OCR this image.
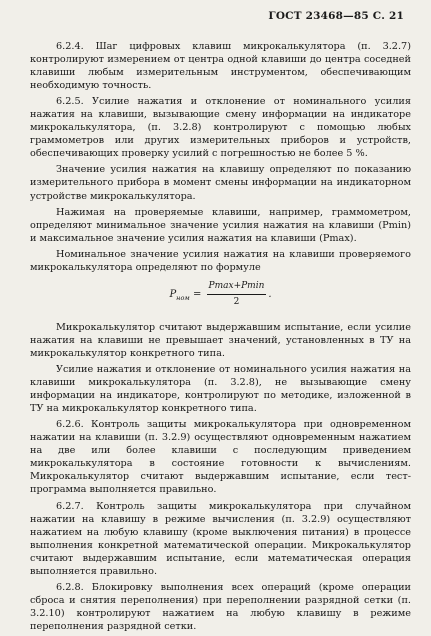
ГОСТ 23468—85 С. 21

6.2.4. Шаг цифровых клавиш микрокалькулятора (п. 3.2.7) контролируют измерением от центра одной клавиши до центра соседней клавиши любым измерительным инструментом, обеспечивающим необходимую точность.

6.2.5. Усилие нажатия и отклонение от номинального усилия нажатия на клавиши, вызывающие смену информации на индикаторе микрокалькулятора, (п. 3.2.8) контролируют с помощью любых граммометров или других измерительных приборов и устройств, обеспечивающих проверку усилий с погрешностью не более 5 %.

Значение усилия нажатия на клавишу определяют по показанию измерительного прибора в момент смены информации на индикаторном устройстве микрокалькулятора.

Нажимая на проверяемые клавиши, например, граммометром, определяют минимальное значение усилия нажатия на клавиши (Pmin) и максимальное значение усилия нажатия на клавиши (Pmax).

Номинальное значение усилия нажатия на клавиши проверяемого микрокалькулятора определяют по формуле

$P_{ном} = \frac{Pmax+Pmin}{2}$ .

Микрокалькулятор считают выдержавшим испытание, если усилие нажатия на клавиши не превышает значений, установленных в ТУ на микрокалькулятор конкретного типа.

Усилие нажатия и отклонение от номинального усилия нажатия на клавиши микрокалькулятора (п. 3.2.8), не вызывающие смену информации на индикаторе, контролируют по методике, изложенной в ТУ на микрокалькулятор конкретного типа.

6.2.6. Контроль защиты микрокалькулятора при одновременном нажатии на клавиши (п. 3.2.9) осуществляют одновременным нажатием на две или более клавиши с последующим приведением микрокалькулятора в состояние готовности к вычислениям. Микрокалькулятор считают выдержавшим испытание, если тест-программа выполняется правильно.

6.2.7. Контроль защиты микрокалькулятора при случайном нажатии на клавишу в режиме вычисления (п. 3.2.9) осуществляют нажатием на любую клавишу (кроме выключения питания) в процессе выполнения конкретной математической операции. Микрокалькулятор считают выдержавшим испытание, если математическая операция выполняется правильно.

6.2.8. Блокировку выполнения всех операций (кроме операции сброса и снятия переполнения) при переполнении разрядной сетки (п. 3.2.10) контролируют нажатием на любую клавишу в режиме переполнения разрядной сетки.
